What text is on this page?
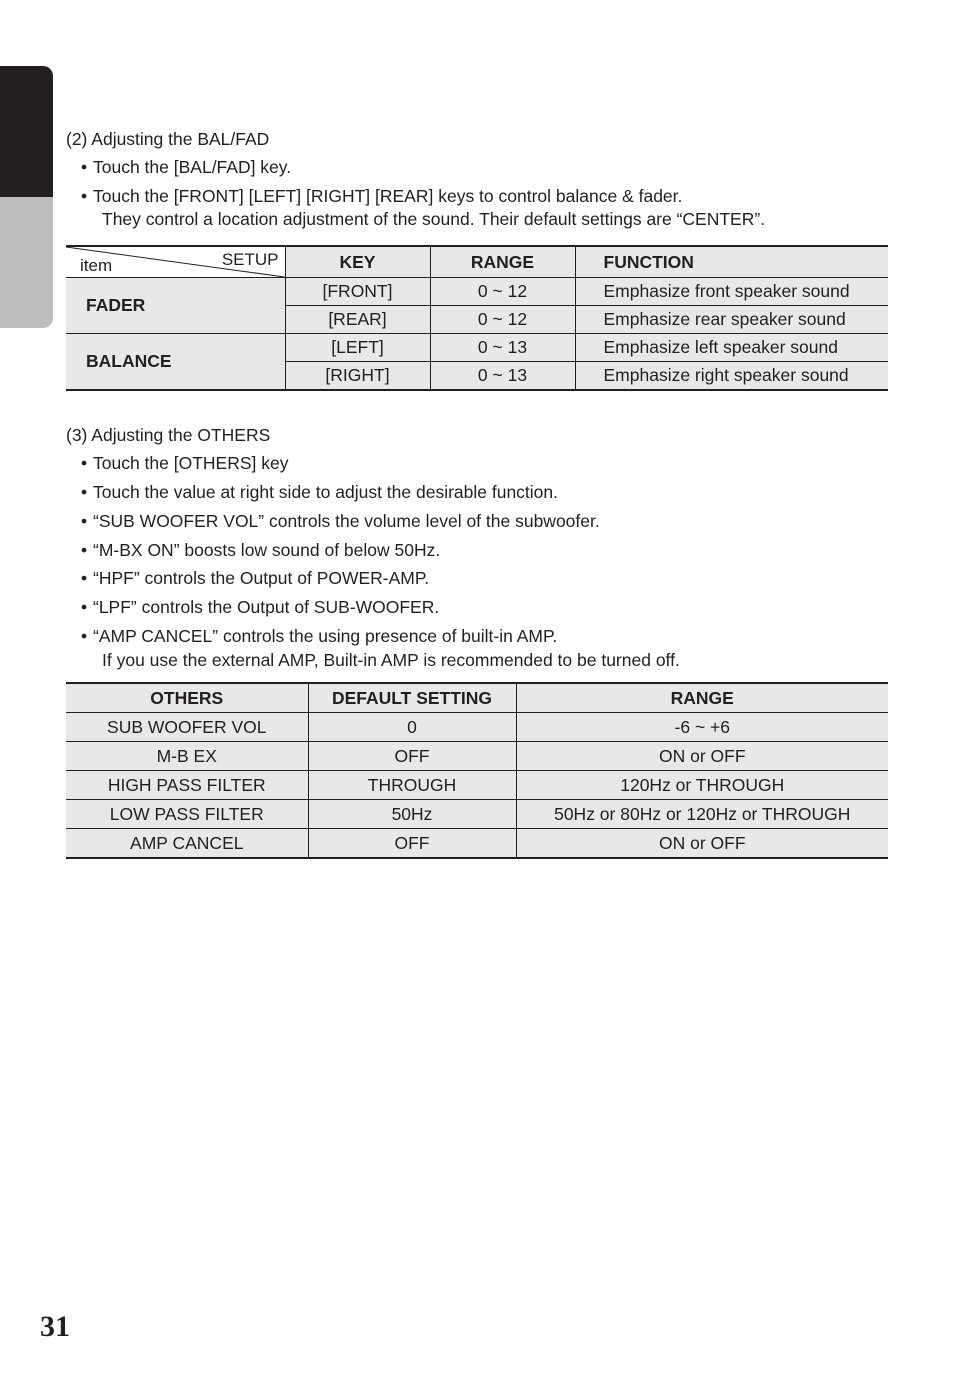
(2) Adjusting the BAL/FAD
• Touch the [BAL/FAD] key.
• Touch the [FRONT] [LEFT] [RIGHT] [REAR] keys to control balance & fader.
They control a location adjustment of the sound. Their default settings are “CENTER”.
SETUP
item	KEY	RANGE	FUNCTION
FADER	[FRONT]	0 ~ 12	Emphasize front speaker sound
	[REAR]	0 ~ 12	Emphasize rear speaker sound
BALANCE	[LEFT]	0 ~ 13	Emphasize left speaker sound
	[RIGHT]	0 ~ 13	Emphasize right speaker sound
(3) Adjusting the OTHERS
• Touch the [OTHERS] key
• Touch the value at right side to adjust the desirable function.
• “SUB WOOFER VOL” controls the volume level of the subwoofer.
• “M-BX ON” boosts low sound of below 50Hz.
• “HPF” controls the Output of POWER-AMP.
• “LPF” controls the Output of SUB-WOOFER.
• “AMP CANCEL” controls the using presence of built-in AMP.
If you use the external AMP, Built-in AMP is recommended to be turned off.
OTHERS	DEFAULT SETTING	RANGE
SUB WOOFER VOL	0	-6 ~ +6
M-B EX	OFF	ON or OFF
HIGH PASS FILTER	THROUGH	120Hz or THROUGH
LOW PASS FILTER	50Hz	50Hz or 80Hz or 120Hz or THROUGH
AMP CANCEL	OFF	ON or OFF
31
